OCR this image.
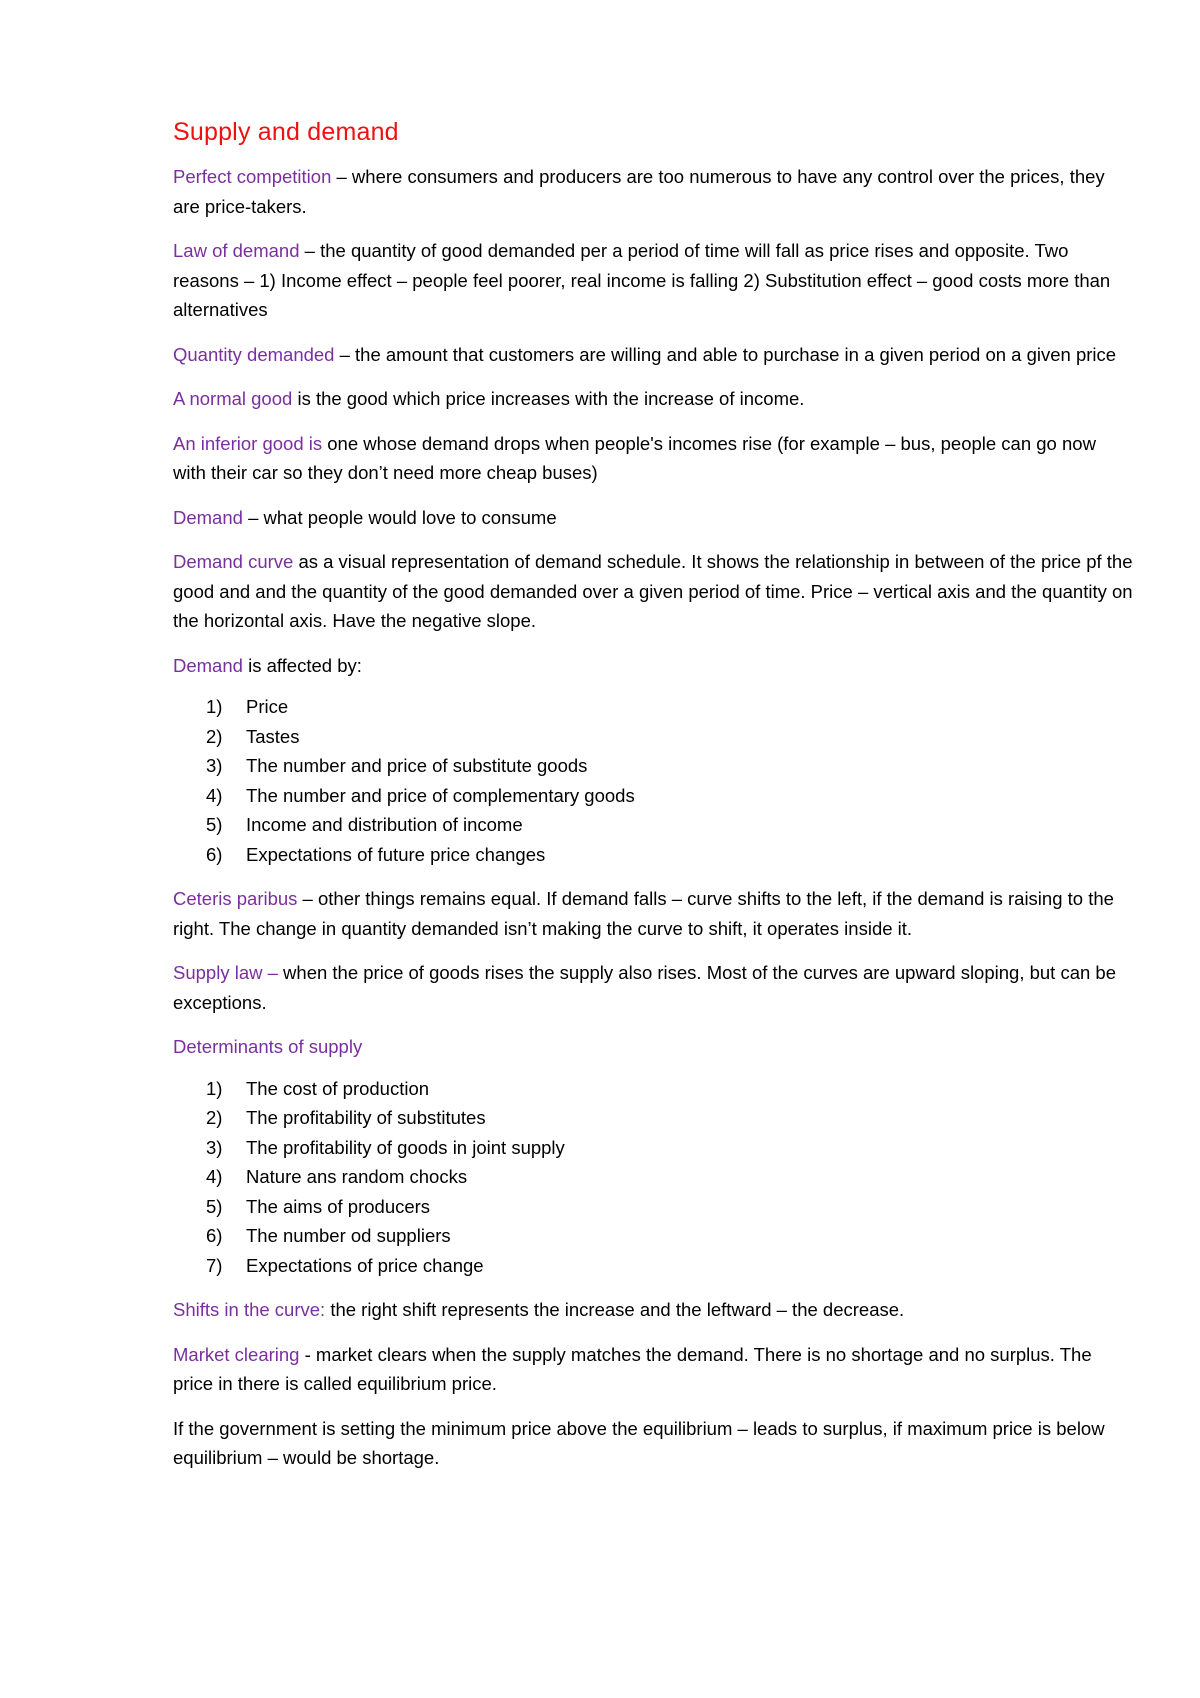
Supply and demand

Perfect competition – where consumers and producers are too numerous to have any control over the prices, they are price-takers.

Law of demand – the quantity of good demanded per a period of time will fall as price rises and opposite. Two reasons – 1) Income effect – people feel poorer, real income is falling 2) Substitution effect – good costs more than alternatives

Quantity demanded – the amount that customers are willing and able to purchase in a given period on a given price

A normal good is the good which price increases with the increase of income.

An inferior good is one whose demand drops when people's incomes rise (for example – bus, people can go now with their car so they don’t need more cheap buses)

Demand – what people would love to consume

Demand curve as a visual representation of demand schedule. It shows the relationship in between of the price pf the good and and the quantity of the good demanded over a given period of time. Price – vertical axis and the quantity on the horizontal axis. Have the negative slope.

Demand is affected by:

1)	Price
2)	Tastes
3)	The number and price of substitute goods
4)	The number and price of complementary goods
5)	Income and distribution of income
6)	Expectations of future price changes

Ceteris paribus – other things remains equal. If demand falls – curve shifts to the left, if the demand is raising to the right. The change in quantity demanded isn’t making the curve to shift, it operates inside it.

Supply law – when the price of goods rises the supply also rises. Most of the curves are upward sloping, but can be exceptions.

Determinants of supply

1)	The cost of production
2)	The profitability of substitutes
3)	The profitability of goods in joint supply
4)	Nature ans random chocks
5)	The aims of producers
6)	The number od suppliers
7)	Expectations of price change

Shifts in the curve: the right shift represents the increase and the leftward – the decrease.

Market clearing - market clears when the supply matches the demand. There is no shortage and no surplus. The price in there is called equilibrium price.

If the government is setting the minimum price above the equilibrium – leads to surplus, if maximum price is below equilibrium – would be shortage.
